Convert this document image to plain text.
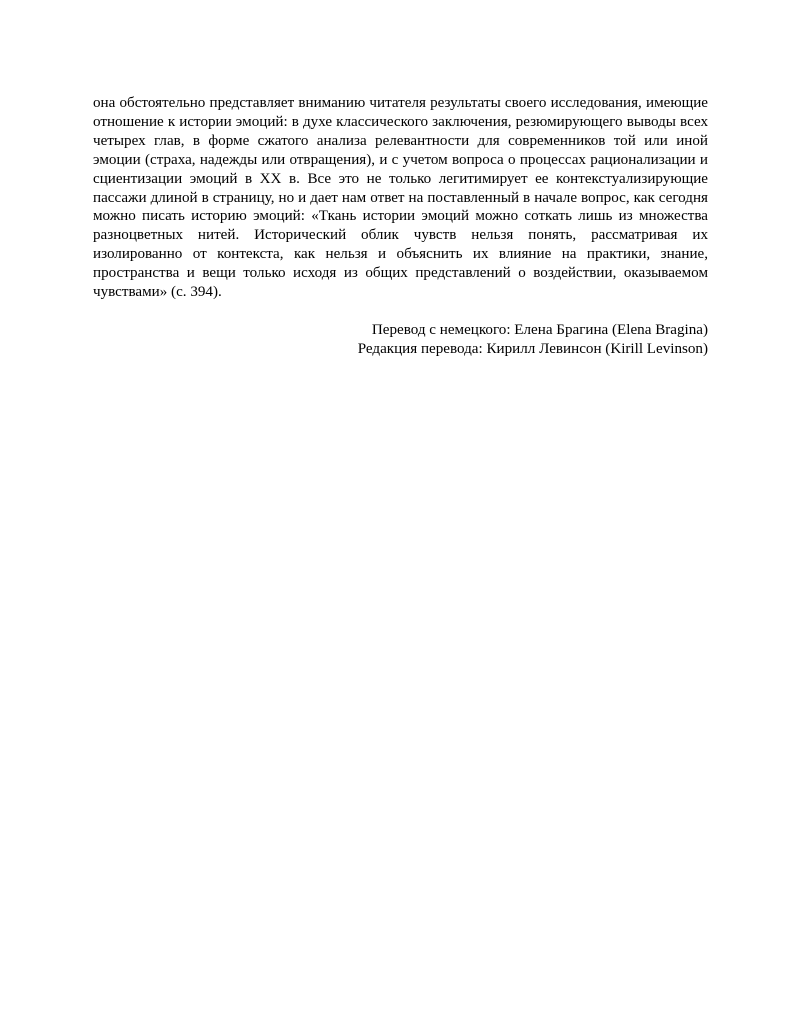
она обстоятельно представляет вниманию читателя результаты своего исследования, имеющие отношение к истории эмоций: в духе классического заключения, резюмирующего выводы всех четырех глав, в форме сжатого анализа релевантности для современников той или иной эмоции (страха, надежды или отвращения), и с учетом вопроса о процессах рационализации и сциентизации эмоций в XX в. Все это не только легитимирует ее контекстуализирующие пассажи длиной в страницу, но и дает нам ответ на поставленный в начале вопрос, как сегодня можно писать историю эмоций: «Ткань истории эмоций можно соткать лишь из множества разноцветных нитей. Исторический облик чувств нельзя понять, рассматривая их изолированно от контекста, как нельзя и объяснить их влияние на практики, знание, пространства и вещи только исходя из общих представлений о воздействии, оказываемом чувствами» (с. 394).

Перевод с немецкого: Елена Брагина (Elena Bragina)
Редакция перевода: Кирилл Левинсон (Kirill Levinson)
